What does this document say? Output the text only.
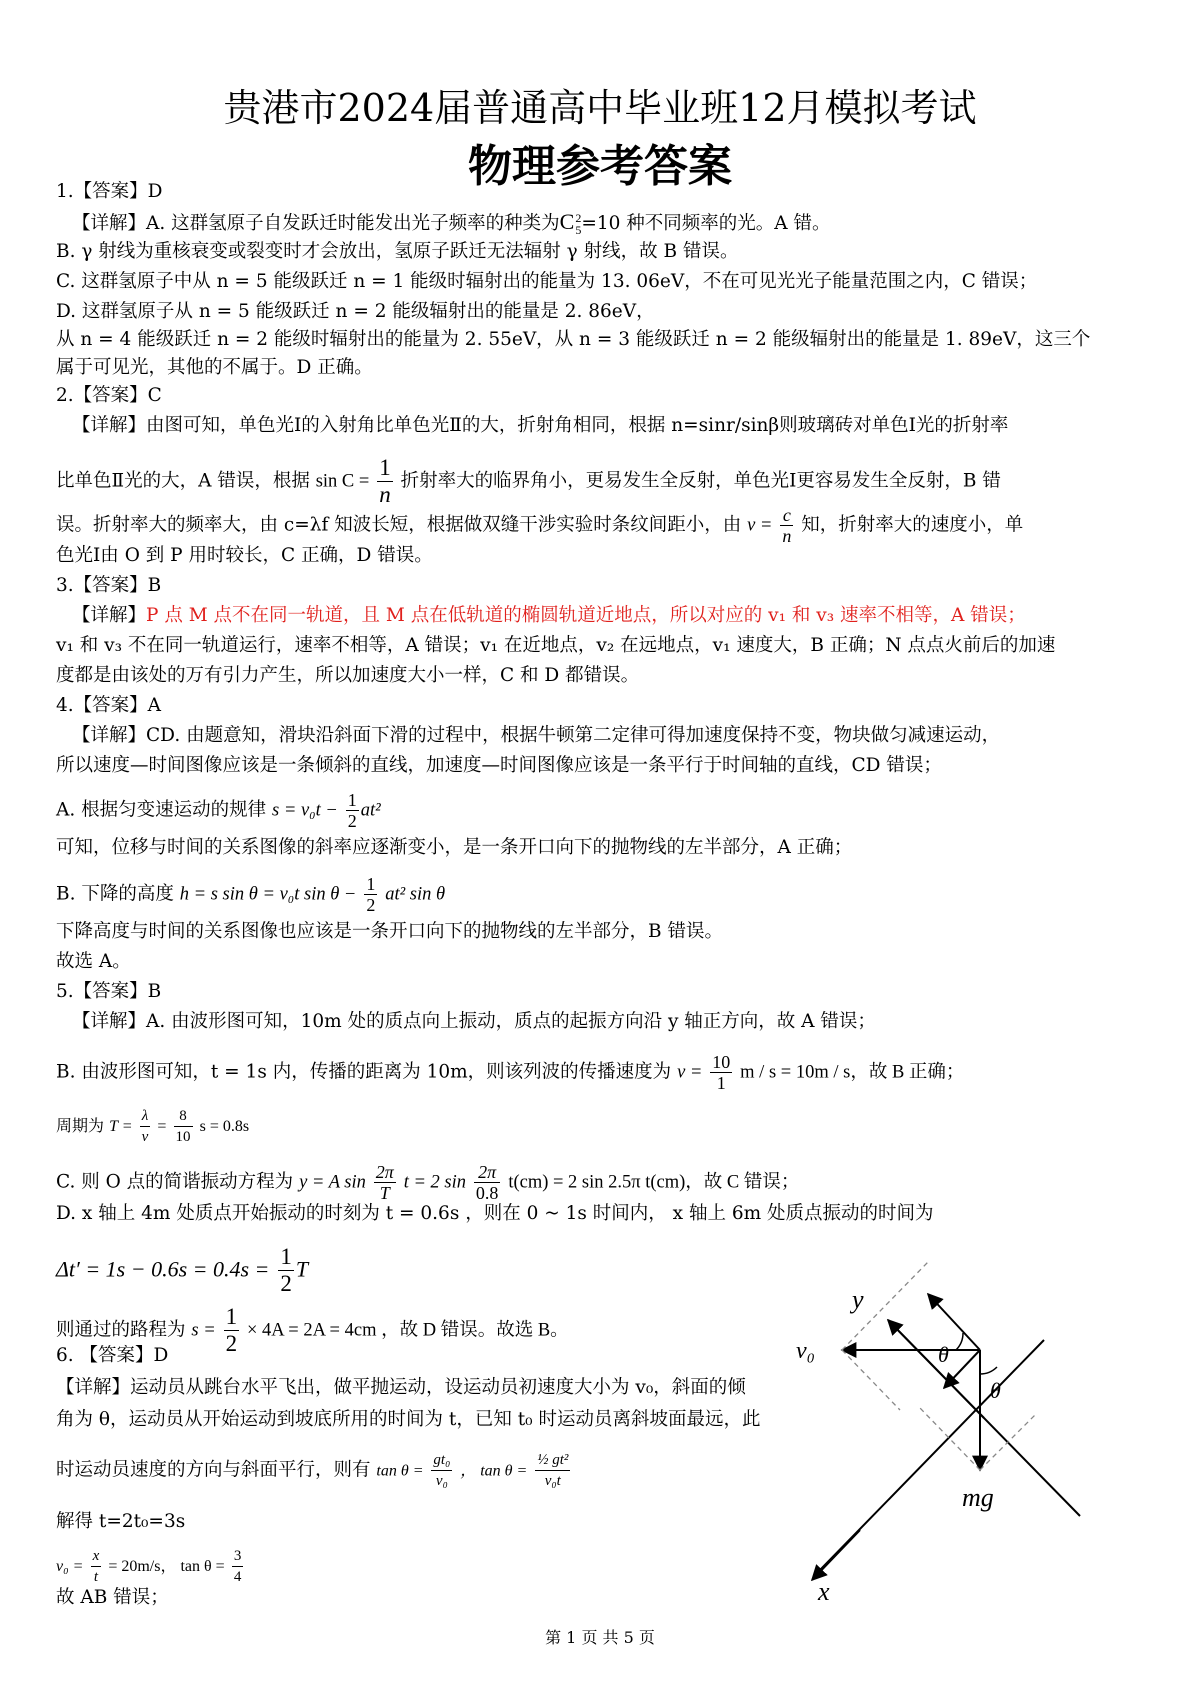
贵港市2024届普通高中毕业班12月模拟考试
物理参考答案
1.【答案】D
【详解】A. 这群氢原子自发跃迁时能发出光子频率的种类为C 2
5 =10 种不同频率的光。A 错。
B. γ 射线为重核衰变或裂变时才会放出，氢原子跃迁无法辐射 γ 射线，故 B 错误。
C. 这群氢原子中从 n = 5 能级跃迁 n = 1 能级时辐射出的能量为 13. 06eV，不在可见光光子能量范围之内，C 错误；
D. 这群氢原子从 n = 5 能级跃迁 n = 2 能级辐射出的能量是 2. 86eV，
从 n = 4 能级跃迁 n = 2 能级时辐射出的能量为 2. 55eV，从 n = 3 能级跃迁 n = 2 能级辐射出的能量是 1. 89eV，这三个
属于可见光，其他的不属于。D 正确。
2.【答案】C
【详解】由图可知，单色光Ⅰ的入射角比单色光Ⅱ的大，折射角相同，根据 n=sinr/sinβ则玻璃砖对单色Ⅰ光的折射率
比单色Ⅱ光的大，A 错误，根据 $\sin C = \frac{1}{n}$ 折射率大的临界角小，更易发生全反射，单色光Ⅰ更容易发生全反射，B 错
误。折射率大的频率大，由 c=λf 知波长短，根据做双缝干涉实验时条纹间距小，由 $v = \frac{c}{n}$ 知，折射率大的速度小，单
色光Ⅰ由 O 到 P 用时较长，C 正确，D 错误。
3.【答案】B
【详解】P 点 M 点不在同一轨道，且 M 点在低轨道的椭圆轨道近地点，所以对应的 v₁ 和 v₃ 速率不相等，A 错误；
v₁ 和 v₃ 不在同一轨道运行，速率不相等，A 错误；v₁ 在近地点，v₂ 在远地点，v₁ 速度大，B 正确；N 点点火前后的加速
度都是由该处的万有引力产生，所以加速度大小一样，C 和 D 都错误。
4.【答案】A
【详解】CD. 由题意知，滑块沿斜面下滑的过程中，根据牛顿第二定律可得加速度保持不变，物块做匀减速运动，
所以速度—时间图像应该是一条倾斜的直线，加速度—时间图像应该是一条平行于时间轴的直线，CD 错误；
A. 根据匀变速运动的规律 $s = v_0t - \frac{1}{2} at^2$
可知，位移与时间的关系图像的斜率应逐渐变小，是一条开口向下的抛物线的左半部分，A 正确；
B. 下降的高度 h = s sin θ = v₀t $\sin \theta - \frac{1}{2} at^2$ sin θ
下降高度与时间的关系图像也应该是一条开口向下的抛物线的左半部分，B 错误。
故选 A。
5.【答案】B
【详解】A. 由波形图可知，10m 处的质点向上振动，质点的起振方向沿 y 轴正方向，故 A 错误；
B. 由波形图可知，t = 1s 内，传播的距离为 10m，则该列波的传播速度为 $v = \frac{10}{1}$ m / s = 10m / s，故 B 正确；
周期为 $T = \frac{\lambda}{v} = \frac{8}{10}$ s = 0.8s
C. 则 O 点的简谐振动方程为 y = A $\sin \frac{2\pi}{T}$ t = 2 $\sin \frac{2\pi}{0.8} t(cm) = 2$ sin 2.5π t(cm)，故 C 错误；
D. x 轴上 4m 处质点开始振动的时刻为 t = 0.6s ，则在 0 ~ 1s 时间内， x 轴上 6m 处质点振动的时间为
$\Delta t' = 1s - 0.6s = 0.4s = \frac{1}{2}$ T
则通过的路程为 $s = \frac{1}{2} \times 4A = 2A = 4cm$ ，故 D 错误。故选 B。
6. 【答案】D
【详解】运动员从跳台水平飞出，做平抛运动，设运动员初速度大小为 v₀，斜面的倾
角为 θ，运动员从开始运动到坡底所用的时间为 t，已知 t₀ 时运动员离斜坡面最远，此
时运动员速度的方向与斜面平行，则有 $\tan \theta = \frac{\text{gt₀}}{\text{v₀}}$ ， $\tan \theta = \frac{\text{½ gt²}}{\text{v₀t}}$
解得 t=2t₀=3s
$v_0 = \frac{x}{t} = 20m/s$， $\tan \theta = \frac{3}{4}$
故 AB 错误；
y
x
v₀	θ
θ
mg
第 1 页 共 5 页
